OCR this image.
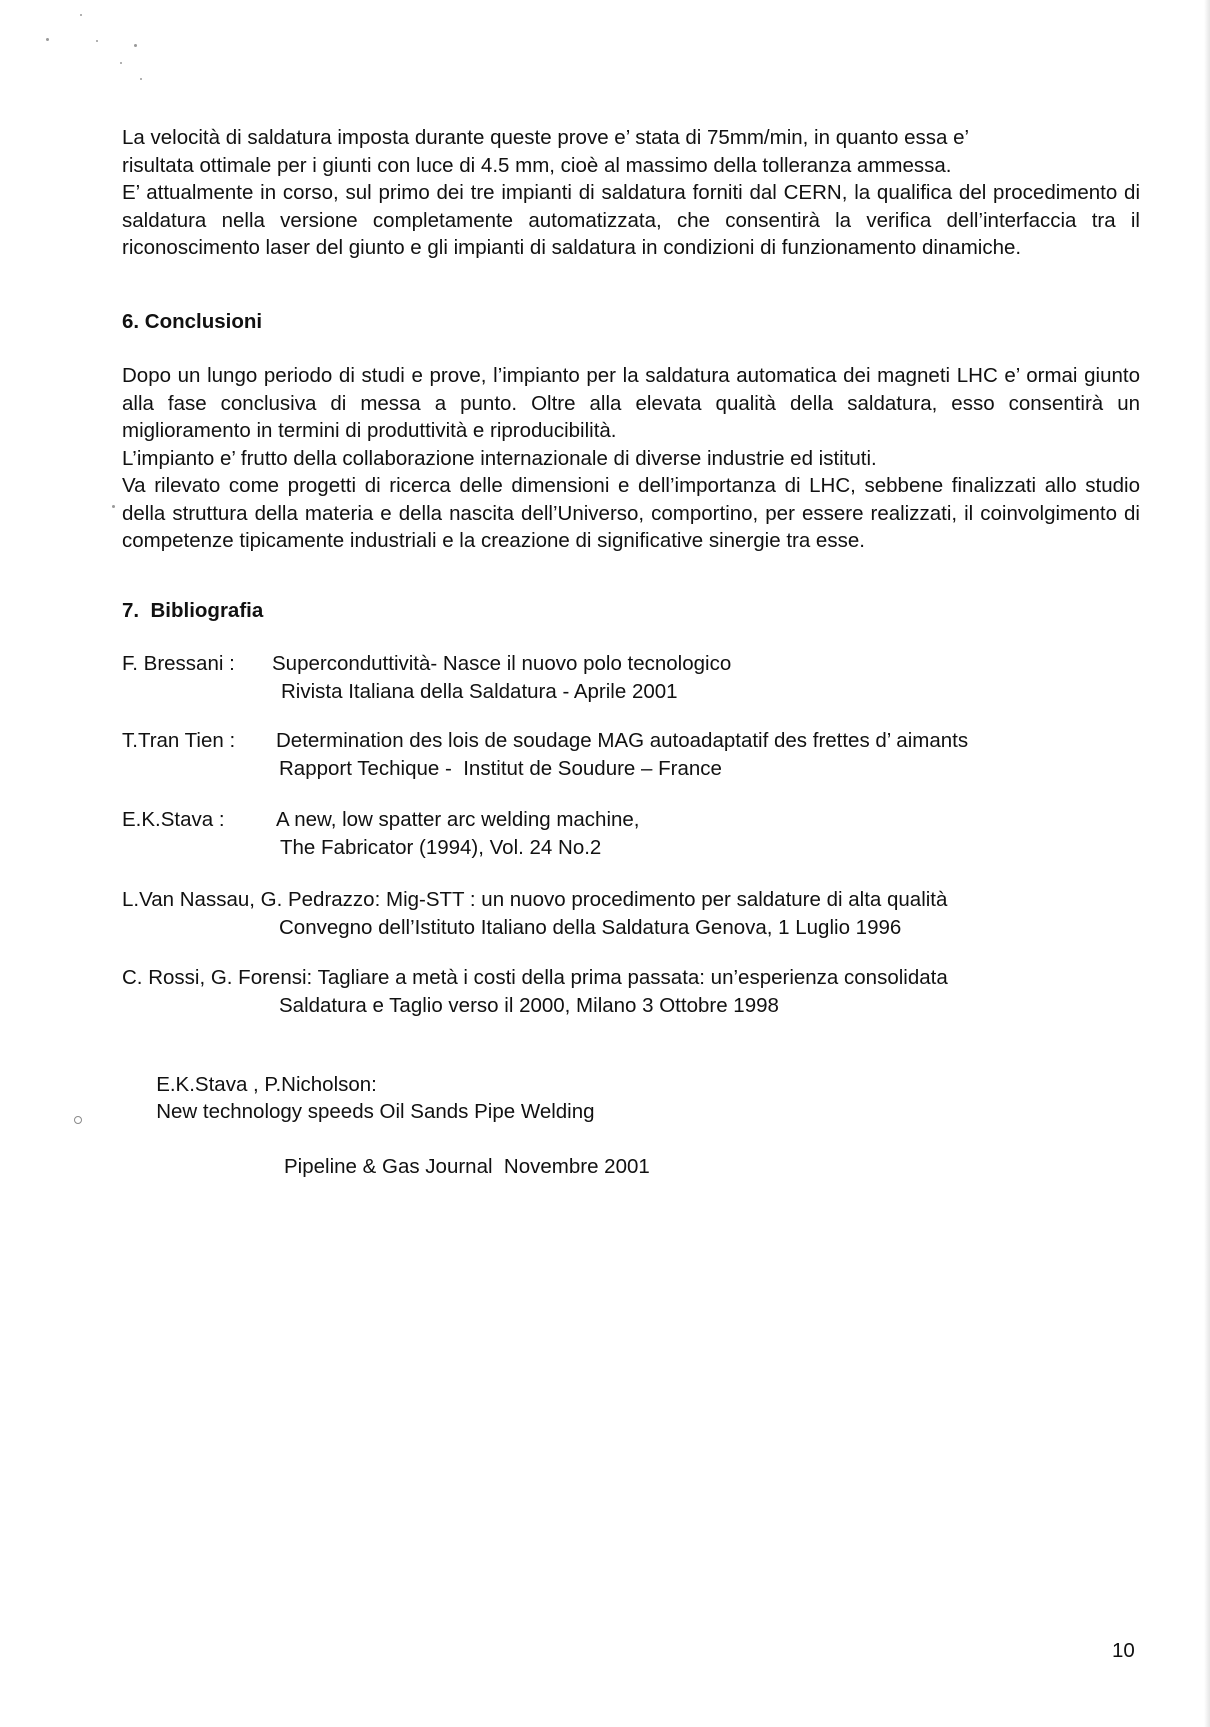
La velocità di saldatura imposta durante queste prove e’ stata di 75mm/min, in quanto essa e’
risultata ottimale per i giunti con luce di 4.5 mm, cioè al massimo della tolleranza ammessa.

E’ attualmente in corso, sul primo dei tre impianti di saldatura forniti dal CERN, la qualifica del procedimento di saldatura nella versione completamente automatizzata, che consentirà la verifica dell’interfaccia tra il riconoscimento laser del giunto e gli impianti di saldatura in condizioni di funzionamento dinamiche.

6. Conclusioni

Dopo un lungo periodo di studi e prove, l’impianto per la saldatura automatica dei magneti LHC e’ ormai giunto alla fase conclusiva di messa a punto. Oltre alla elevata qualità della saldatura, esso consentirà un miglioramento in termini di produttività e riproducibilità.

L’impianto e’ frutto della collaborazione internazionale di diverse industrie ed istituti.

Va rilevato come progetti di ricerca delle dimensioni e dell’importanza di LHC, sebbene finalizzati allo studio della struttura della materia e della nascita dell’Universo, comportino, per essere realizzati, il coinvolgimento di competenze tipicamente industriali e la creazione di significative sinergie tra esse.

7.  Bibliografia
F. Bressani : Superconduttività- Nasce il nuovo polo tecnologico
Rivista Italiana della Saldatura - Aprile 2001
T.Tran Tien : Determination des lois de soudage MAG autoadaptatif des frettes d’ aimants
Rapport Techique -  Institut de Soudure – France
E.K.Stava :	A new, low spatter arc welding machine,
The Fabricator (1994), Vol. 24 No.2
L.Van Nassau, G. Pedrazzo: Mig-STT : un nuovo procedimento per saldature di alta qualità
Convegno dell’Istituto Italiano della Saldatura Genova, 1 Luglio 1996
C. Rossi, G. Forensi: Tagliare a metà i costi della prima passata: un’esperienza consolidata
Saldatura e Taglio verso il 2000, Milano 3 Ottobre 1998

E.K.Stava , P.Nicholson:
New technology speeds Oil Sands Pipe Welding

Pipeline & Gas Journal  Novembre 2001
10
